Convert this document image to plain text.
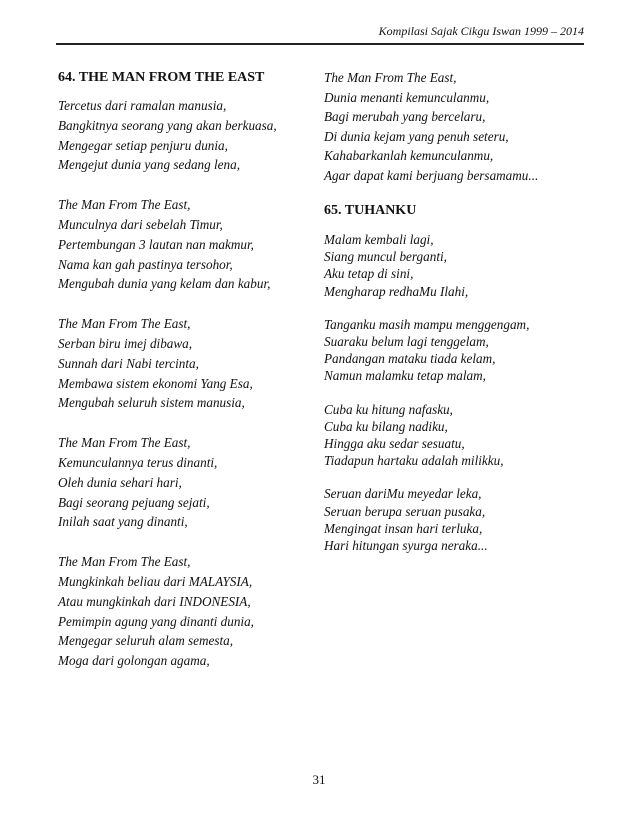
Kompilasi Sajak Cikgu Iswan 1999 – 2014
64. THE MAN FROM THE EAST
Tercetus dari ramalan manusia,
Bangkitnya seorang yang akan berkuasa,
Mengegar setiap penjuru dunia,
Mengejut dunia yang sedang lena,
The Man From The East,
Munculnya dari sebelah Timur,
Pertembungan 3 lautan nan makmur,
Nama kan gah pastinya tersohor,
Mengubah dunia yang kelam dan kabur,
The Man From The East,
Serban biru imej dibawa,
Sunnah dari Nabi tercinta,
Membawa sistem ekonomi Yang Esa,
Mengubah seluruh sistem manusia,
The Man From The East,
Kemunculannya terus dinanti,
Oleh dunia sehari hari,
Bagi seorang pejuang sejati,
Inilah saat yang dinanti,
The Man From The East,
Mungkinkah beliau dari MALAYSIA,
Atau mungkinkah dari INDONESIA,
Pemimpin agung yang dinanti dunia,
Mengegar seluruh alam semesta,
Moga dari golongan agama,
The Man From The East,
Dunia menanti kemunculanmu,
Bagi merubah yang bercelaru,
Di dunia kejam yang penuh seteru,
Kahabarkanlah kemunculanmu,
Agar dapat kami berjuang bersamamu...
65. TUHANKU
Malam kembali lagi,
Siang muncul berganti,
Aku tetap di sini,
Mengharap redhaMu Ilahi,
Tanganku masih mampu menggengam,
Suaraku belum lagi tenggelam,
Pandangan mataku tiada kelam,
Namun malamku tetap malam,
Cuba ku hitung nafasku,
Cuba ku bilang nadiku,
Hingga aku sedar sesuatu,
Tiadapun hartaku adalah milikku,
Seruan dariMu meyedar leka,
Seruan berupa seruan pusaka,
Mengingat insan hari terluka,
Hari hitungan syurga neraka...
31
